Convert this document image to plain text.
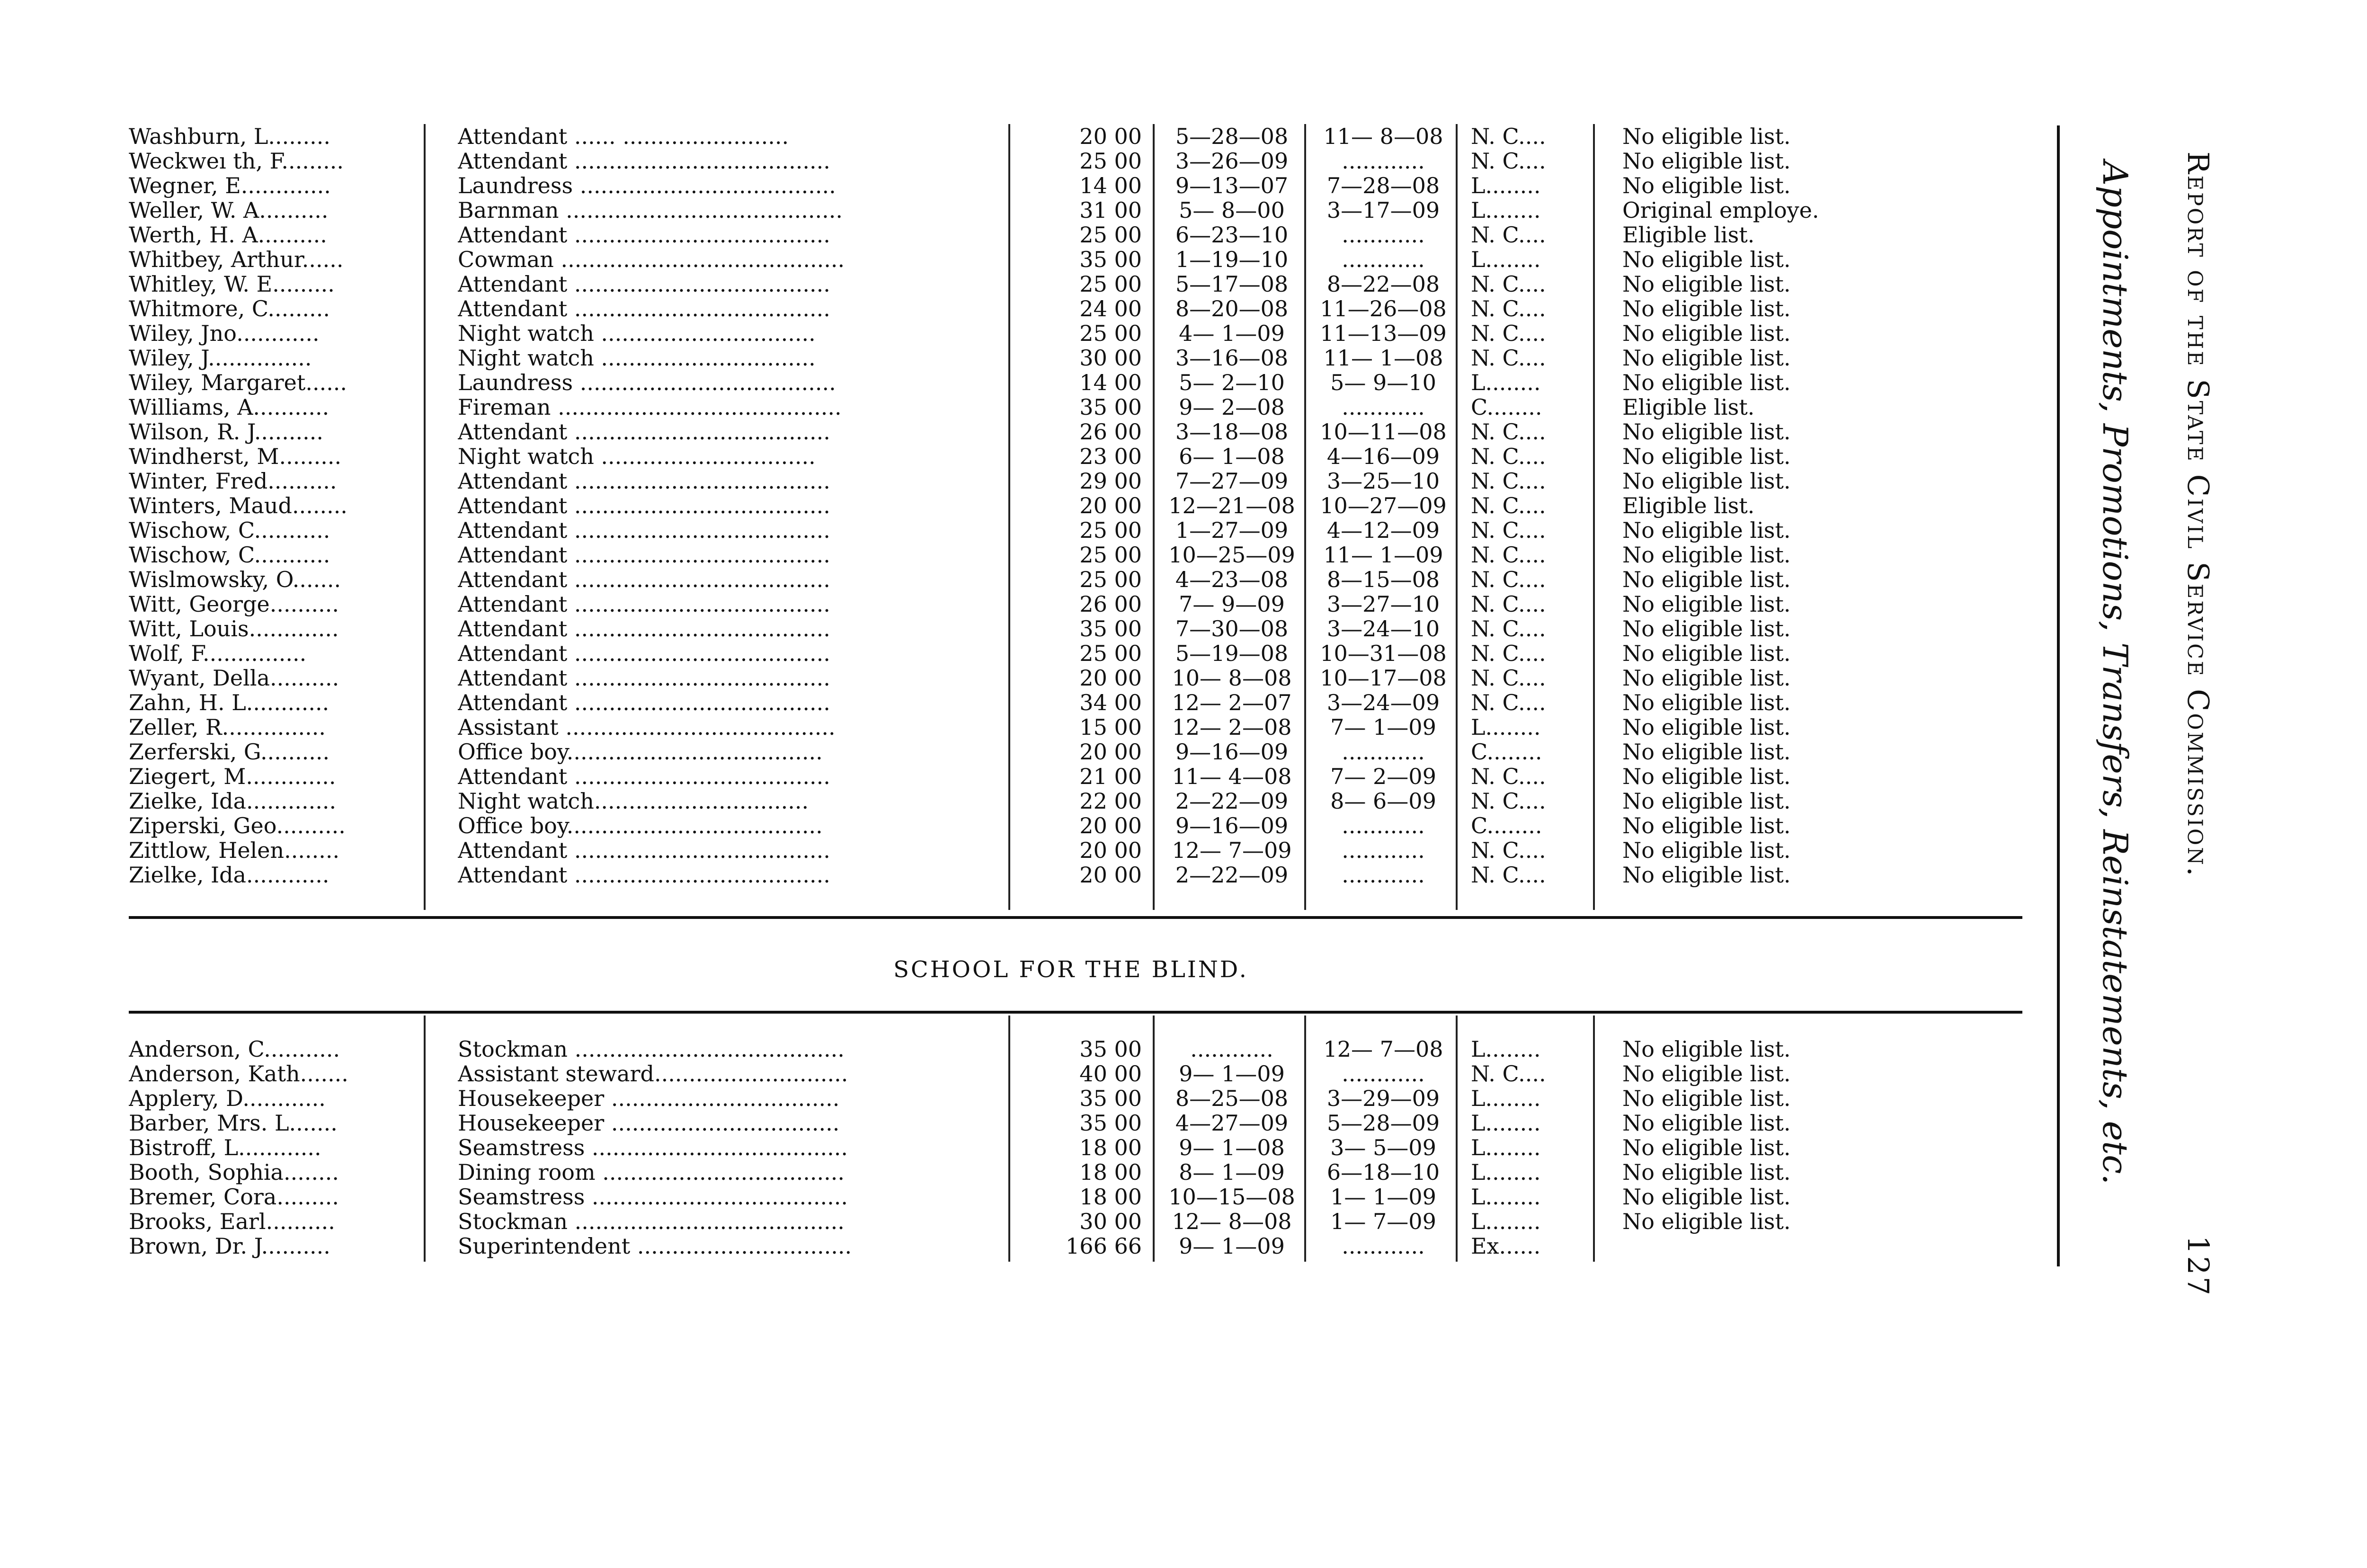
Washburn, L.........	Attendant ...... ........................	20 00	5—28—08	11— 8—08	N. C....	No eligible list.
Weckweı th, F.........	Attendant .....................................	25 00	3—26—09	............	N. C....	No eligible list.
Wegner, E.............	Laundress .....................................	14 00	9—13—07	7—28—08	L........	No eligible list.
Weller, W. A..........	Barnman ........................................	31 00	5— 8—00	3—17—09	L........	Original employe.
Werth, H. A..........	Attendant .....................................	25 00	6—23—10	............	N. C....	Eligible list.
Whitbey, Arthur......	Cowman .........................................	35 00	1—19—10	............	L........	No eligible list.
Whitley, W. E.........	Attendant .....................................	25 00	5—17—08	8—22—08	N. C....	No eligible list.
Whitmore, C.........	Attendant .....................................	24 00	8—20—08	11—26—08	N. C....	No eligible list.
Wiley, Jno............	Night watch ...............................	25 00	4— 1—09	11—13—09	N. C....	No eligible list.
Wiley, J...............	Night watch ...............................	30 00	3—16—08	11— 1—08	N. C....	No eligible list.
Wiley, Margaret......	Laundress .....................................	14 00	5— 2—10	5— 9—10	L........	No eligible list.
Williams, A...........	Fireman .........................................	35 00	9— 2—08	............	C........	Eligible list.
Wilson, R. J..........	Attendant .....................................	26 00	3—18—08	10—11—08	N. C....	No eligible list.
Windherst, M.........	Night watch ...............................	23 00	6— 1—08	4—16—09	N. C....	No eligible list.
Winter, Fred..........	Attendant .....................................	29 00	7—27—09	3—25—10	N. C....	No eligible list.
Winters, Maud........	Attendant .....................................	20 00	12—21—08	10—27—09	N. C....	Eligible list.
Wischow, C...........	Attendant .....................................	25 00	1—27—09	4—12—09	N. C....	No eligible list.
Wischow, C...........	Attendant .....................................	25 00	10—25—09	11— 1—09	N. C....	No eligible list.
Wislmowsky, O.......	Attendant .....................................	25 00	4—23—08	8—15—08	N. C....	No eligible list.
Witt, George..........	Attendant .....................................	26 00	7— 9—09	3—27—10	N. C....	No eligible list.
Witt, Louis.............	Attendant .....................................	35 00	7—30—08	3—24—10	N. C....	No eligible list.
Wolf, F...............	Attendant .....................................	25 00	5—19—08	10—31—08	N. C....	No eligible list.
Wyant, Della..........	Attendant .....................................	20 00	10— 8—08	10—17—08	N. C....	No eligible list.
Zahn, H. L............	Attendant .....................................	34 00	12— 2—07	3—24—09	N. C....	No eligible list.
Zeller, R...............	Assistant .......................................	15 00	12— 2—08	7— 1—09	L........	No eligible list.
Zerferski, G..........	Office boy.....................................	20 00	9—16—09	............	C........	No eligible list.
Ziegert, M.............	Attendant .....................................	21 00	11— 4—08	7— 2—09	N. C....	No eligible list.
Zielke, Ida.............	Night watch...............................	22 00	2—22—09	8— 6—09	N. C....	No eligible list.
Ziperski, Geo..........	Office boy.....................................	20 00	9—16—09	............	C........	No eligible list.
Zittlow, Helen........	Attendant .....................................	20 00	12— 7—09	............	N. C....	No eligible list.
Zielke, Ida............	Attendant .....................................	20 00	2—22—09	............	N. C....	No eligible list.
SCHOOL FOR THE BLIND.
Anderson, C...........	Stockman .......................................	35 00	............	12— 7—08	L........	No eligible list.
Anderson, Kath.......	Assistant steward............................	40 00	9— 1—09	............	N. C....	No eligible list.
Applery, D............	Housekeeper .................................	35 00	8—25—08	3—29—09	L........	No eligible list.
Barber, Mrs. L.......	Housekeeper .................................	35 00	4—27—09	5—28—09	L........	No eligible list.
Bistroff, L............	Seamstress .....................................	18 00	9— 1—08	3— 5—09	L........	No eligible list.
Booth, Sophia........	Dining room ...................................	18 00	8— 1—09	6—18—10	L........	No eligible list.
Bremer, Cora.........	Seamstress .....................................	18 00	10—15—08	1— 1—09	L........	No eligible list.
Brooks, Earl..........	Stockman .......................................	30 00	12— 8—08	1— 7—09	L........	No eligible list.
Brown, Dr. J..........	Superintendent ...............................	166 66	9— 1—09	............	Ex......
Appointments, Promotions, Transfers, Reinstatements, etc. Report of the State Civil Service Commission.
127
